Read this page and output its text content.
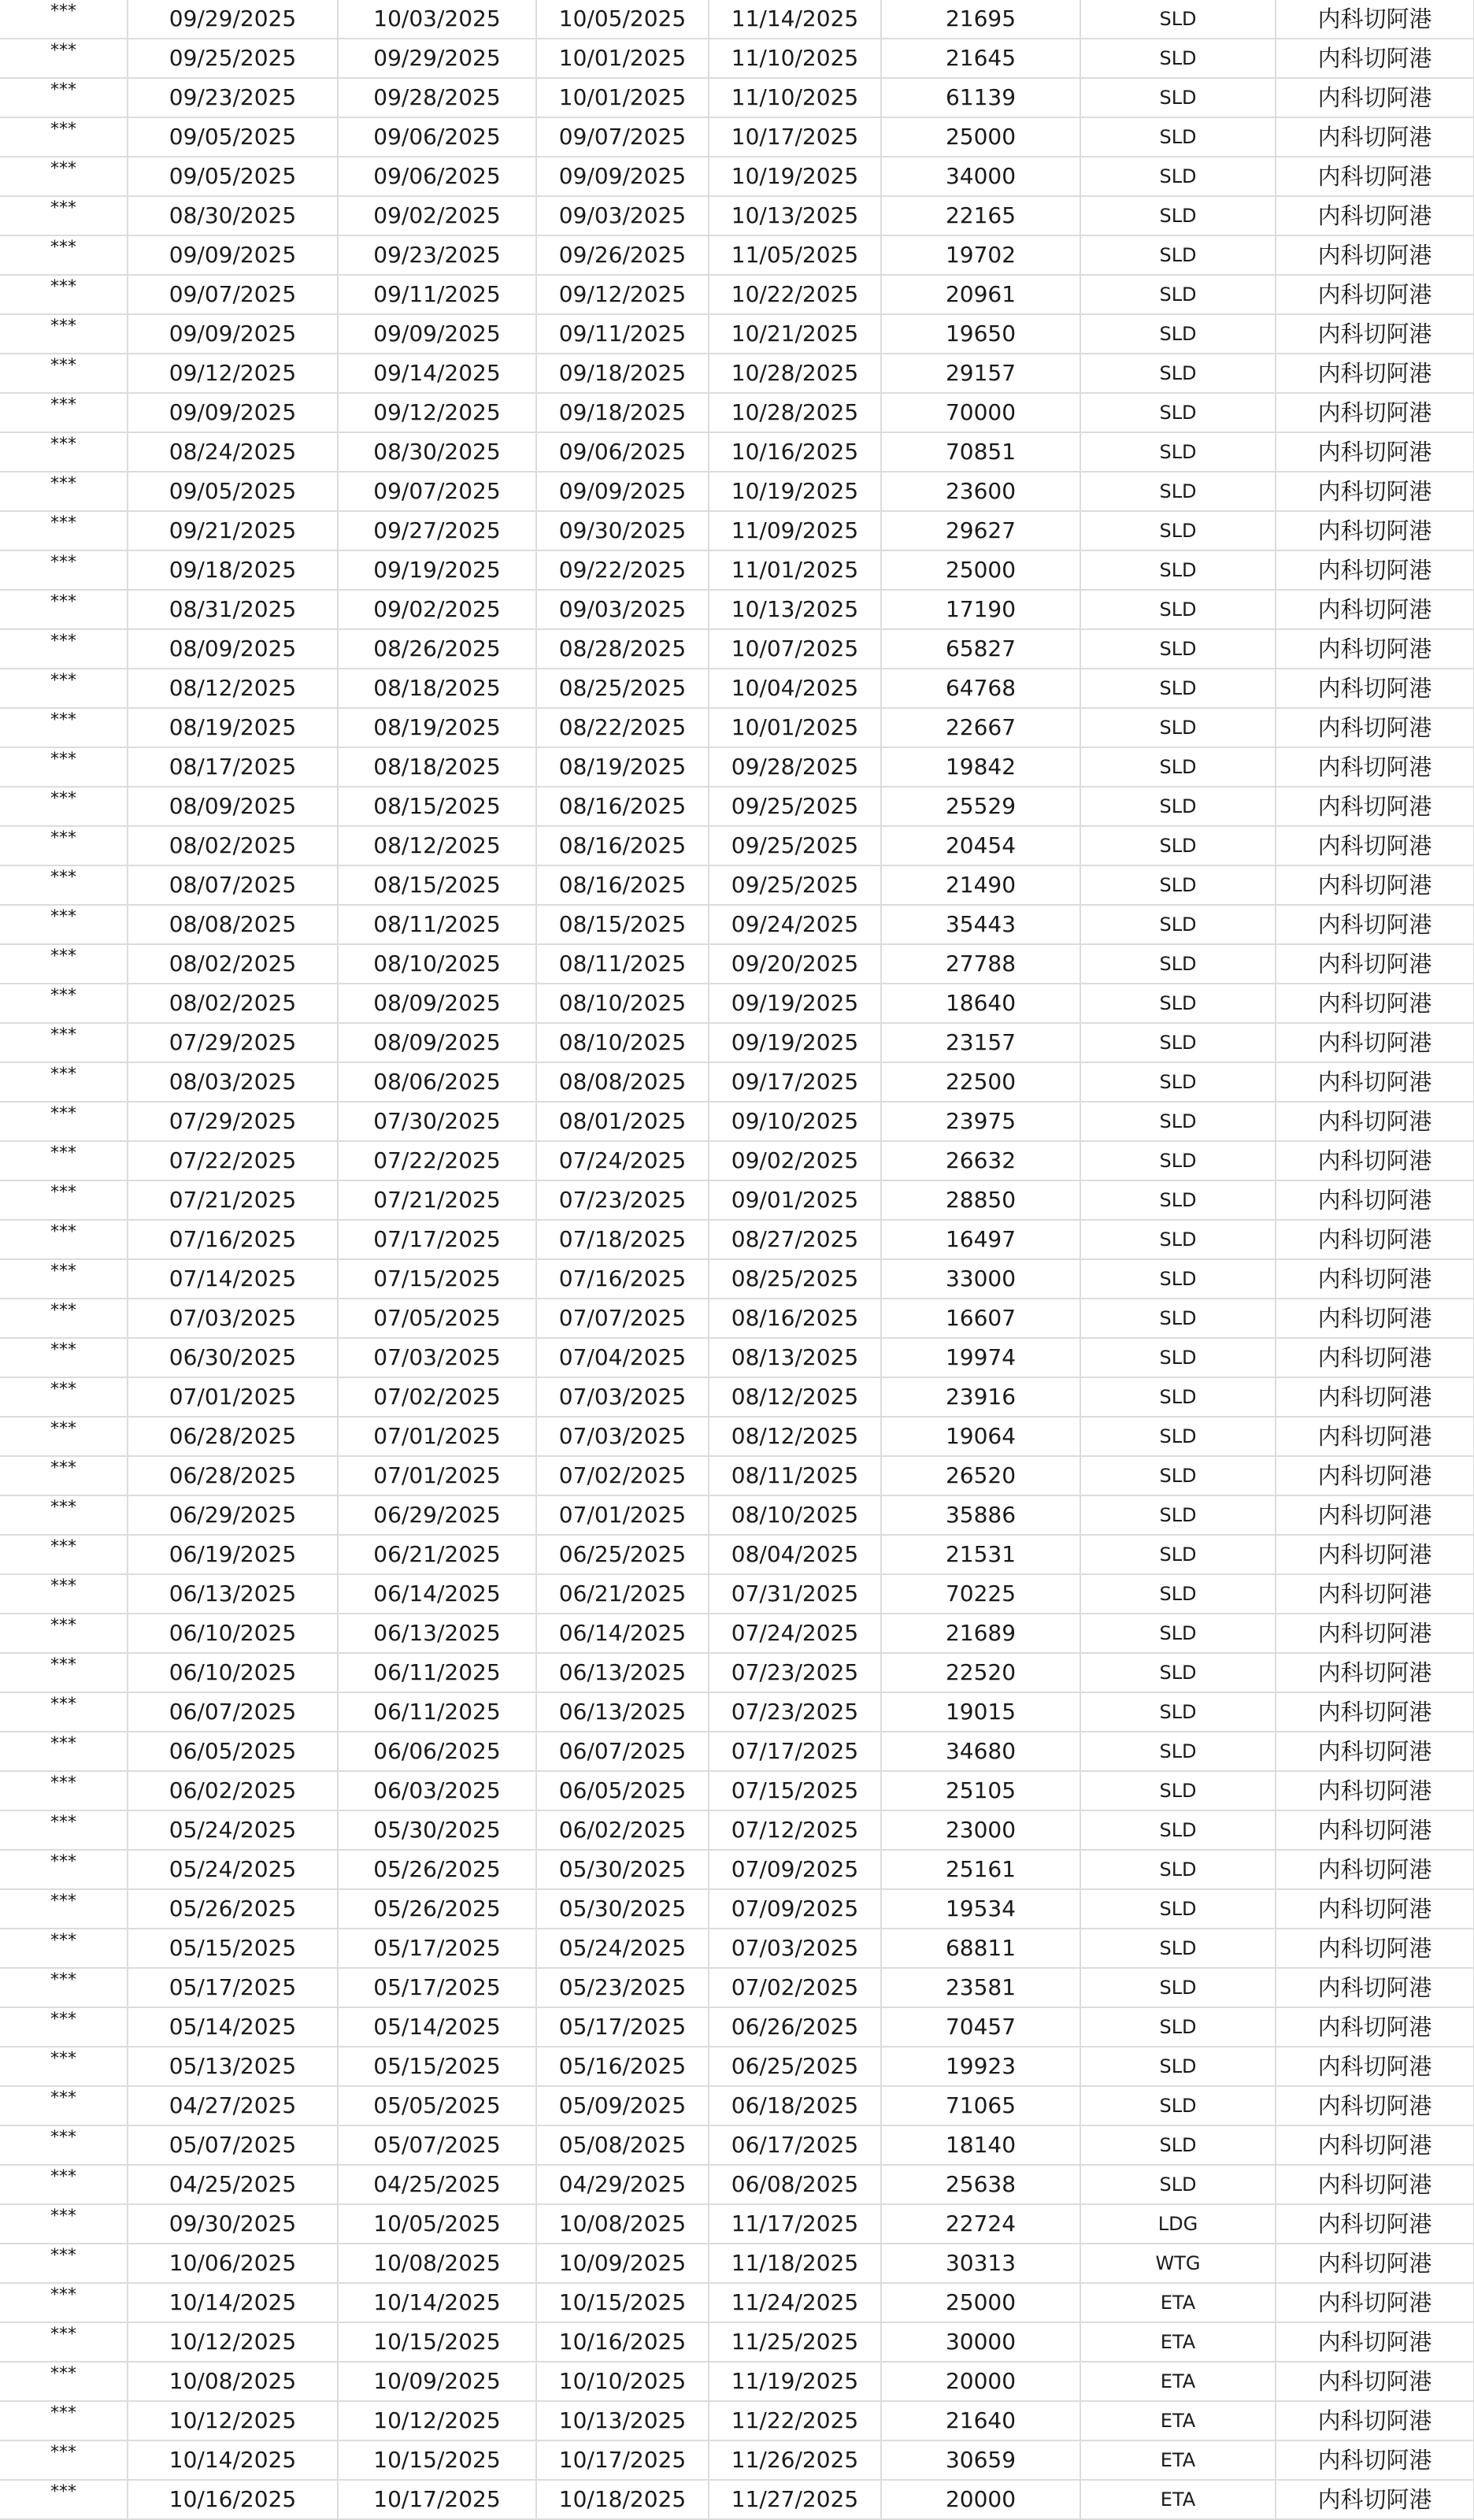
***	09/29/2025	10/03/2025	10/05/2025	11/14/2025	21695	SLD	内科切阿港
***	09/25/2025	09/29/2025	10/01/2025	11/10/2025	21645	SLD	内科切阿港
***	09/23/2025	09/28/2025	10/01/2025	11/10/2025	61139	SLD	内科切阿港
***	09/05/2025	09/06/2025	09/07/2025	10/17/2025	25000	SLD	内科切阿港
***	09/05/2025	09/06/2025	09/09/2025	10/19/2025	34000	SLD	内科切阿港
***	08/30/2025	09/02/2025	09/03/2025	10/13/2025	22165	SLD	内科切阿港
***	09/09/2025	09/23/2025	09/26/2025	11/05/2025	19702	SLD	内科切阿港
***	09/07/2025	09/11/2025	09/12/2025	10/22/2025	20961	SLD	内科切阿港
***	09/09/2025	09/09/2025	09/11/2025	10/21/2025	19650	SLD	内科切阿港
***	09/12/2025	09/14/2025	09/18/2025	10/28/2025	29157	SLD	内科切阿港
***	09/09/2025	09/12/2025	09/18/2025	10/28/2025	70000	SLD	内科切阿港
***	08/24/2025	08/30/2025	09/06/2025	10/16/2025	70851	SLD	内科切阿港
***	09/05/2025	09/07/2025	09/09/2025	10/19/2025	23600	SLD	内科切阿港
***	09/21/2025	09/27/2025	09/30/2025	11/09/2025	29627	SLD	内科切阿港
***	09/18/2025	09/19/2025	09/22/2025	11/01/2025	25000	SLD	内科切阿港
***	08/31/2025	09/02/2025	09/03/2025	10/13/2025	17190	SLD	内科切阿港
***	08/09/2025	08/26/2025	08/28/2025	10/07/2025	65827	SLD	内科切阿港
***	08/12/2025	08/18/2025	08/25/2025	10/04/2025	64768	SLD	内科切阿港
***	08/19/2025	08/19/2025	08/22/2025	10/01/2025	22667	SLD	内科切阿港
***	08/17/2025	08/18/2025	08/19/2025	09/28/2025	19842	SLD	内科切阿港
***	08/09/2025	08/15/2025	08/16/2025	09/25/2025	25529	SLD	内科切阿港
***	08/02/2025	08/12/2025	08/16/2025	09/25/2025	20454	SLD	内科切阿港
***	08/07/2025	08/15/2025	08/16/2025	09/25/2025	21490	SLD	内科切阿港
***	08/08/2025	08/11/2025	08/15/2025	09/24/2025	35443	SLD	内科切阿港
***	08/02/2025	08/10/2025	08/11/2025	09/20/2025	27788	SLD	内科切阿港
***	08/02/2025	08/09/2025	08/10/2025	09/19/2025	18640	SLD	内科切阿港
***	07/29/2025	08/09/2025	08/10/2025	09/19/2025	23157	SLD	内科切阿港
***	08/03/2025	08/06/2025	08/08/2025	09/17/2025	22500	SLD	内科切阿港
***	07/29/2025	07/30/2025	08/01/2025	09/10/2025	23975	SLD	内科切阿港
***	07/22/2025	07/22/2025	07/24/2025	09/02/2025	26632	SLD	内科切阿港
***	07/21/2025	07/21/2025	07/23/2025	09/01/2025	28850	SLD	内科切阿港
***	07/16/2025	07/17/2025	07/18/2025	08/27/2025	16497	SLD	内科切阿港
***	07/14/2025	07/15/2025	07/16/2025	08/25/2025	33000	SLD	内科切阿港
***	07/03/2025	07/05/2025	07/07/2025	08/16/2025	16607	SLD	内科切阿港
***	06/30/2025	07/03/2025	07/04/2025	08/13/2025	19974	SLD	内科切阿港
***	07/01/2025	07/02/2025	07/03/2025	08/12/2025	23916	SLD	内科切阿港
***	06/28/2025	07/01/2025	07/03/2025	08/12/2025	19064	SLD	内科切阿港
***	06/28/2025	07/01/2025	07/02/2025	08/11/2025	26520	SLD	内科切阿港
***	06/29/2025	06/29/2025	07/01/2025	08/10/2025	35886	SLD	内科切阿港
***	06/19/2025	06/21/2025	06/25/2025	08/04/2025	21531	SLD	内科切阿港
***	06/13/2025	06/14/2025	06/21/2025	07/31/2025	70225	SLD	内科切阿港
***	06/10/2025	06/13/2025	06/14/2025	07/24/2025	21689	SLD	内科切阿港
***	06/10/2025	06/11/2025	06/13/2025	07/23/2025	22520	SLD	内科切阿港
***	06/07/2025	06/11/2025	06/13/2025	07/23/2025	19015	SLD	内科切阿港
***	06/05/2025	06/06/2025	06/07/2025	07/17/2025	34680	SLD	内科切阿港
***	06/02/2025	06/03/2025	06/05/2025	07/15/2025	25105	SLD	内科切阿港
***	05/24/2025	05/30/2025	06/02/2025	07/12/2025	23000	SLD	内科切阿港
***	05/24/2025	05/26/2025	05/30/2025	07/09/2025	25161	SLD	内科切阿港
***	05/26/2025	05/26/2025	05/30/2025	07/09/2025	19534	SLD	内科切阿港
***	05/15/2025	05/17/2025	05/24/2025	07/03/2025	68811	SLD	内科切阿港
***	05/17/2025	05/17/2025	05/23/2025	07/02/2025	23581	SLD	内科切阿港
***	05/14/2025	05/14/2025	05/17/2025	06/26/2025	70457	SLD	内科切阿港
***	05/13/2025	05/15/2025	05/16/2025	06/25/2025	19923	SLD	内科切阿港
***	04/27/2025	05/05/2025	05/09/2025	06/18/2025	71065	SLD	内科切阿港
***	05/07/2025	05/07/2025	05/08/2025	06/17/2025	18140	SLD	内科切阿港
***	04/25/2025	04/25/2025	04/29/2025	06/08/2025	25638	SLD	内科切阿港
***	09/30/2025	10/05/2025	10/08/2025	11/17/2025	22724	LDG	内科切阿港
***	10/06/2025	10/08/2025	10/09/2025	11/18/2025	30313	WTG	内科切阿港
***	10/14/2025	10/14/2025	10/15/2025	11/24/2025	25000	ETA	内科切阿港
***	10/12/2025	10/15/2025	10/16/2025	11/25/2025	30000	ETA	内科切阿港
***	10/08/2025	10/09/2025	10/10/2025	11/19/2025	20000	ETA	内科切阿港
***	10/12/2025	10/12/2025	10/13/2025	11/22/2025	21640	ETA	内科切阿港
***	10/14/2025	10/15/2025	10/17/2025	11/26/2025	30659	ETA	内科切阿港
***	10/16/2025	10/17/2025	10/18/2025	11/27/2025	20000	ETA	内科切阿港
